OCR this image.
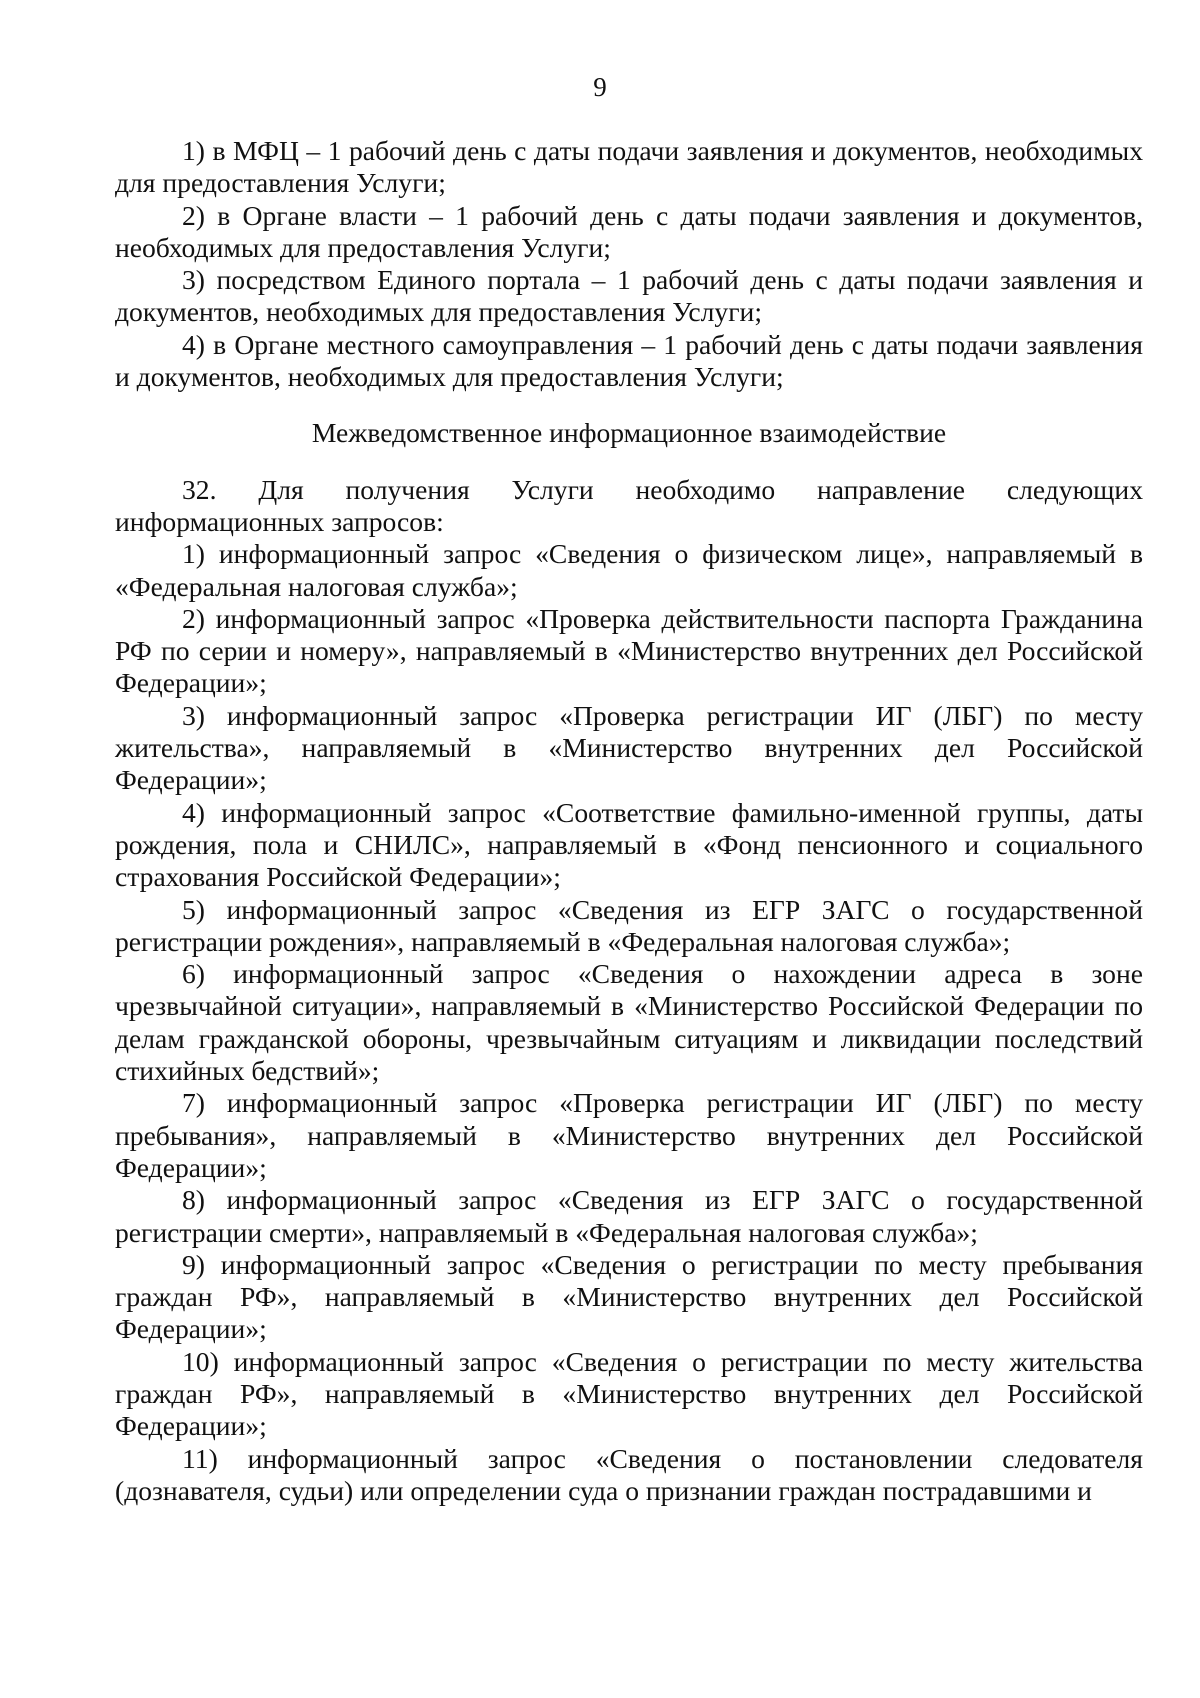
9

1) в МФЦ – 1 рабочий день с даты подачи заявления и документов, необходимых для предоставления Услуги;

2) в Органе власти – 1 рабочий день с даты подачи заявления и документов, необходимых для предоставления Услуги;

3) посредством Единого портала – 1 рабочий день с даты подачи заявления и документов, необходимых для предоставления Услуги;

4) в Органе местного самоуправления – 1 рабочий день с даты подачи заявления и документов, необходимых для предоставления Услуги;

Межведомственное информационное взаимодействие

32. Для получения Услуги необходимо направление следующих информационных запросов:

1) информационный запрос «Сведения о физическом лице», направляемый в «Федеральная налоговая служба»;

2) информационный запрос «Проверка действительности паспорта Гражданина РФ по серии и номеру», направляемый в «Министерство внутренних дел Российской Федерации»;

3) информационный запрос «Проверка регистрации ИГ (ЛБГ) по месту жительства», направляемый в «Министерство внутренних дел Российской Федерации»;

4) информационный запрос «Соответствие фамильно-именной группы, даты рождения, пола и СНИЛС», направляемый в «Фонд пенсионного и социального страхования Российской Федерации»;

5) информационный запрос «Сведения из ЕГР ЗАГС о государственной регистрации рождения», направляемый в «Федеральная налоговая служба»;

6) информационный запрос «Сведения о нахождении адреса в зоне чрезвычайной ситуации», направляемый в «Министерство Российской Федерации по делам гражданской обороны, чрезвычайным ситуациям и ликвидации последствий стихийных бедствий»;

7) информационный запрос «Проверка регистрации ИГ (ЛБГ) по месту пребывания», направляемый в «Министерство внутренних дел Российской Федерации»;

8) информационный запрос «Сведения из ЕГР ЗАГС о государственной регистрации смерти», направляемый в «Федеральная налоговая служба»;

9) информационный запрос «Сведения о регистрации по месту пребывания граждан РФ», направляемый в «Министерство внутренних дел Российской Федерации»;

10) информационный запрос «Сведения о регистрации по месту жительства граждан РФ», направляемый в «Министерство внутренних дел Российской Федерации»;

11) информационный запрос «Сведения о постановлении следователя (дознавателя, судьи) или определении суда о признании граждан пострадавшими и
